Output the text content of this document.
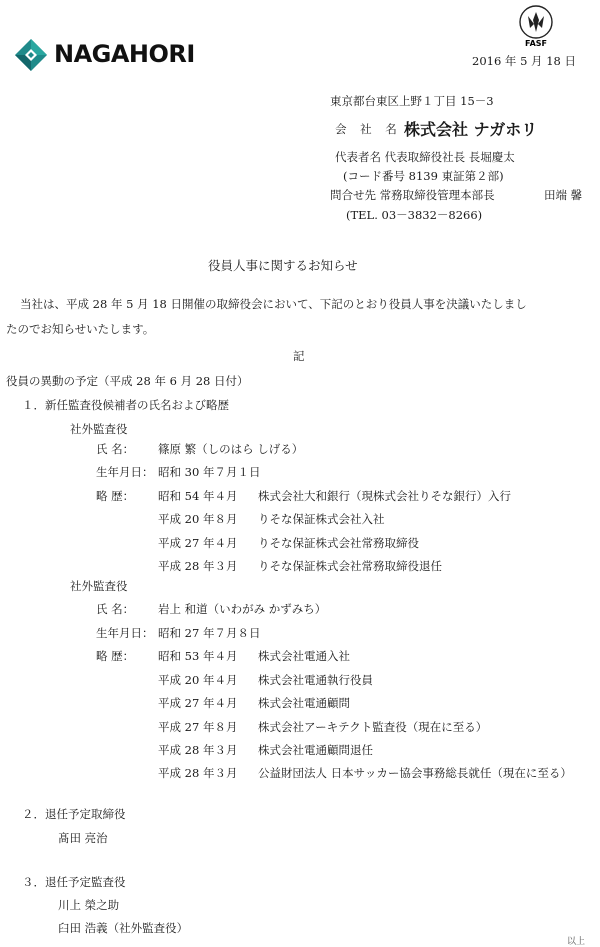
NAGAHORI	FASF
2016 年 5 月 18 日
東京都台東区上野１丁目 15－3
会 社 名 株式会社 ナガホリ
代表者名 代表取締役社長 長堀慶太
(コード番号 8139 東証第２部)
問合せ先 常務取締役管理本部長	田端 馨
(TEL. 03－3832－8266)
役員人事に関するお知らせ
当社は、平成 28 年 5 月 18 日開催の取締役会において、下記のとおり役員人事を決議いたしまし
たのでお知らせいたします。
記
役員の異動の予定（平成 28 年 6 月 28 日付）
１．新任監査役候補者の氏名および略歴
社外監査役
氏 名： 篠原 繁（しのはら しげる）
生年月日： 昭和 30 年７月１日
略 歴： 昭和 54 年４月 株式会社大和銀行（現株式会社りそな銀行）入行
平成 20 年８月 りそな保証株式会社入社
平成 27 年４月 りそな保証株式会社常務取締役
平成 28 年３月 りそな保証株式会社常務取締役退任
社外監査役
氏 名： 岩上 和道（いわがみ かずみち）
生年月日： 昭和 27 年７月８日
略 歴： 昭和 53 年４月 株式会社電通入社
平成 20 年４月 株式会社電通執行役員
平成 27 年４月 株式会社電通顧問
平成 27 年８月 株式会社アーキテクト監査役（現在に至る）
平成 28 年３月 株式会社電通顧問退任
平成 28 年３月 公益財団法人 日本サッカー協会事務総長就任（現在に至る）
２．退任予定取締役
髙田 亮治
３．退任予定監査役
川上 榮之助
臼田 浩義（社外監査役）
以上
